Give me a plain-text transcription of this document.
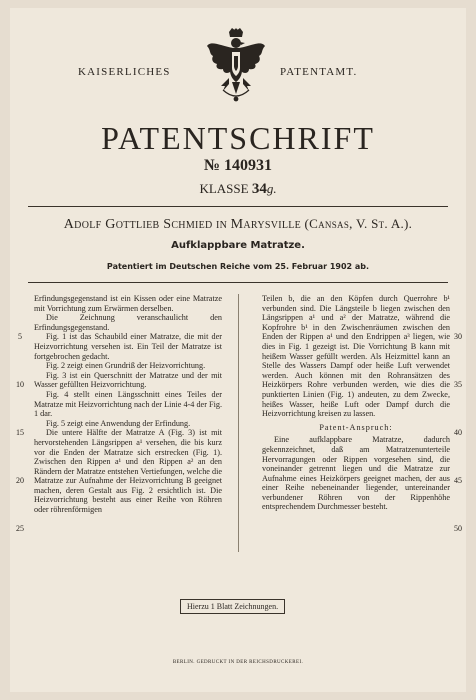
KAISERLICHES	PATENTAMT.
PATENTSCHRIFT
№ 140931
KLASSE 34g.
Adolf Gottlieb Schmied IN Marysville (Cansas, V. St. A.).
Aufklappbare Matratze.
Patentiert im Deutschen Reiche vom 25. Februar 1902 ab.

Erfindungsgegenstand ist ein Kissen oder eine Matratze mit Vorrichtung zum Erwärmen derselben.

Die Zeichnung veranschaulicht den Erfindungsgegenstand.

Fig. 1 ist das Schaubild einer Matratze, die mit der Heizvorrichtung versehen ist. Ein Teil der Matratze ist fortgebrochen gedacht.

Fig. 2 zeigt einen Grundriß der Heizvorrichtung.

Fig. 3 ist ein Querschnitt der Matratze und der mit Wasser gefüllten Heizvorrichtung.

Fig. 4 stellt einen Längsschnitt eines Teiles der Matratze mit Heizvorrichtung nach der Linie 4-4 der Fig. 1 dar.

Fig. 5 zeigt eine Anwendung der Erfindung.

Die untere Hälfte der Matratze A (Fig. 3) ist mit hervorstehenden Längsrippen a¹ versehen, die bis kurz vor die Enden der Matratze sich erstrecken (Fig. 1). Zwischen den Rippen a¹ und den Rippen a² an den Rändern der Matratze entstehen Vertiefungen, welche die Matratze zur Aufnahme der Heizvorrichtung B geeignet machen, deren Gestalt aus Fig. 2 ersichtlich ist. Die Heizvorrichtung besteht aus einer Reihe von Röhren oder röhrenförmigen

Teilen b, die an den Köpfen durch Querrohre b¹ verbunden sind. Die Längsteile b liegen zwischen den Längsrippen a¹ und a² der Matratze, während die Kopfrohre b¹ in den Zwischenräumen zwischen den Enden der Rippen a¹ und den Endrippen a³ liegen, wie dies in Fig. 1 gezeigt ist. Die Vorrichtung B kann mit heißem Wasser gefüllt werden. Als Heizmittel kann an Stelle des Wassers Dampf oder heiße Luft verwendet werden. Auch können mit den Rohransätzen des Heizkörpers Rohre verbunden werden, wie dies die punktierten Linien (Fig. 1) andeuten, zu dem Zwecke, heißes Wasser, heiße Luft oder Dampf durch die Heizvorrichtung kreisen zu lassen.

Patent-Anspruch:

Eine aufklappbare Matratze, dadurch gekennzeichnet, daß am Matratzenunterteile Hervorragungen oder Rippen vorgesehen sind, die voneinander getrennt liegen und die Matratze zur Aufnahme eines Heizkörpers geeignet machen, der aus einer Reihe nebeneinander liegender, untereinander verbundener Röhren von der Rippenhöhe entsprechendem Durchmesser besteht.

5
10
15
20
25
30
35
40
45
50
Hierzu 1 Blatt Zeichnungen.
BERLIN. GEDRUCKT IN DER REICHSDRUCKEREI.
